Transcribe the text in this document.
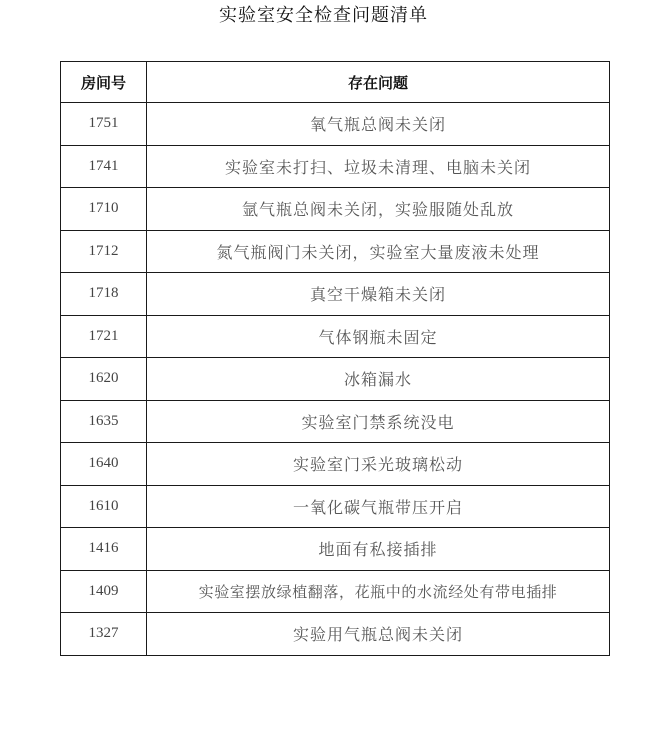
实验室安全检查问题清单
房间号	存在问题
1751	氧气瓶总阀未关闭
1741	实验室未打扫、垃圾未清理、电脑未关闭
1710	氩气瓶总阀未关闭，实验服随处乱放
1712	氮气瓶阀门未关闭，实验室大量废液未处理
1718	真空干燥箱未关闭
1721	气体钢瓶未固定
1620	冰箱漏水
1635	实验室门禁系统没电
1640	实验室门采光玻璃松动
1610	一氧化碳气瓶带压开启
1416	地面有私接插排
1409	实验室摆放绿植翻落，花瓶中的水流经处有带电插排
1327	实验用气瓶总阀未关闭
